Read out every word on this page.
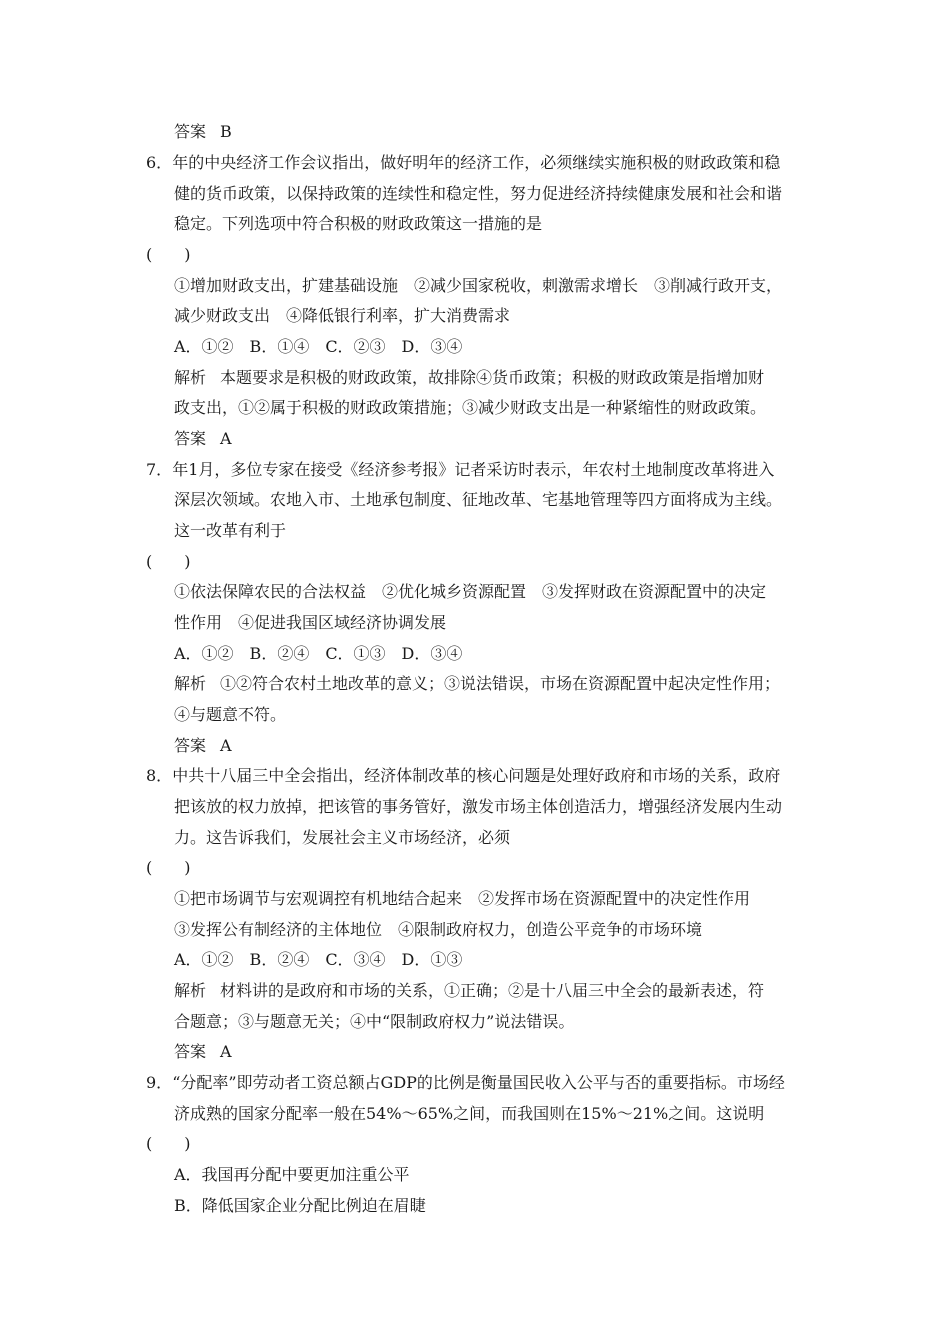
答案 B
6．年的中央经济工作会议指出，做好明年的经济工作，必须继续实施积极的财政政策和稳
健的货币政策，以保持政策的连续性和稳定性，努力促进经济持续健康发展和社会和谐
稳定。下列选项中符合积极的财政政策这一措施的是
(　　)
①增加财政支出，扩建基础设施　②减少国家税收，刺激需求增长　③削减行政开支，
减少财政支出　④降低银行利率，扩大消费需求
A．①②　B．①④　C．②③　D．③④
解析 本题要求是积极的财政政策，故排除④货币政策；积极的财政政策是指增加财
政支出，①②属于积极的财政政策措施；③减少财政支出是一种紧缩性的财政政策。
答案 A
7．年1月，多位专家在接受《经济参考报》记者采访时表示，年农村土地制度改革将进入
深层次领域。农地入市、土地承包制度、征地改革、宅基地管理等四方面将成为主线。
这一改革有利于
(　　)
①依法保障农民的合法权益　②优化城乡资源配置　③发挥财政在资源配置中的决定
性作用　④促进我国区域经济协调发展
A．①②　B．②④　C．①③　D．③④
解析 ①②符合农村土地改革的意义；③说法错误，市场在资源配置中起决定性作用；
④与题意不符。
答案 A
8．中共十八届三中全会指出，经济体制改革的核心问题是处理好政府和市场的关系，政府
把该放的权力放掉，把该管的事务管好，激发市场主体创造活力，增强经济发展内生动
力。这告诉我们，发展社会主义市场经济，必须
(　　)
①把市场调节与宏观调控有机地结合起来　②发挥市场在资源配置中的决定性作用
③发挥公有制经济的主体地位　④限制政府权力，创造公平竞争的市场环境
A．①②　B．②④　C．③④　D．①③
解析 材料讲的是政府和市场的关系，①正确；②是十八届三中全会的最新表述，符
合题意；③与题意无关；④中“限制政府权力”说法错误。
答案 A
9．“分配率”即劳动者工资总额占GDP的比例是衡量国民收入公平与否的重要指标。市场经
济成熟的国家分配率一般在54%～65%之间，而我国则在15%～21%之间。这说明
(　　)
A．我国再分配中要更加注重公平
B．降低国家企业分配比例迫在眉睫
